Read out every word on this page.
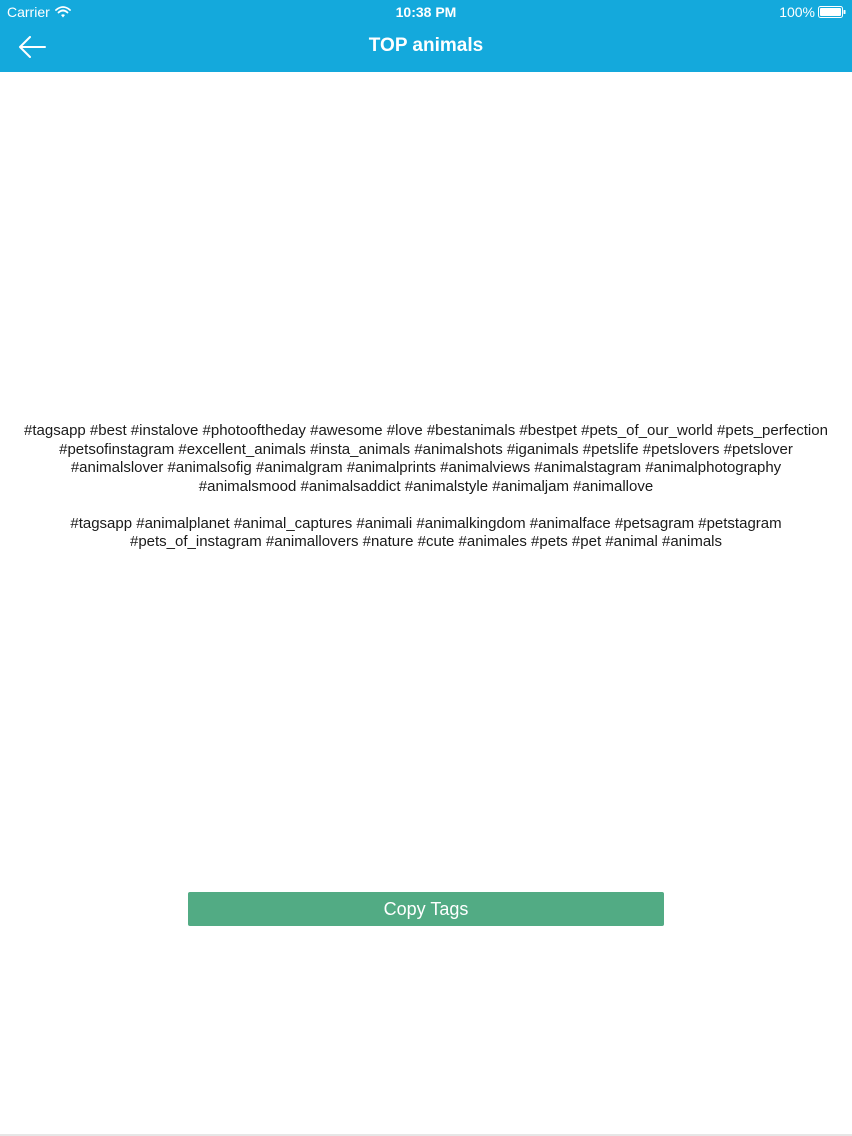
Carrier	10:38 PM	100%
TOP animals

#tagsapp #best #instalove #photooftheday #awesome #love #bestanimals #bestpet #pets_of_our_world #pets_perfection #petsofinstagram #excellent_animals #insta_animals #animalshots #iganimals #petslife #petslovers #petslover #animalslover #animalsofig #animalgram #animalprints #animalviews #animalstagram #animalphotography #animalsmood #animalsaddict #animalstyle #animaljam #animallove

#tagsapp #animalplanet #animal_captures #animali #animalkingdom #animalface #petsagram #petstagram #pets_of_instagram #animallovers #nature #cute #animales #pets #pet #animal #animals

Copy Tags
